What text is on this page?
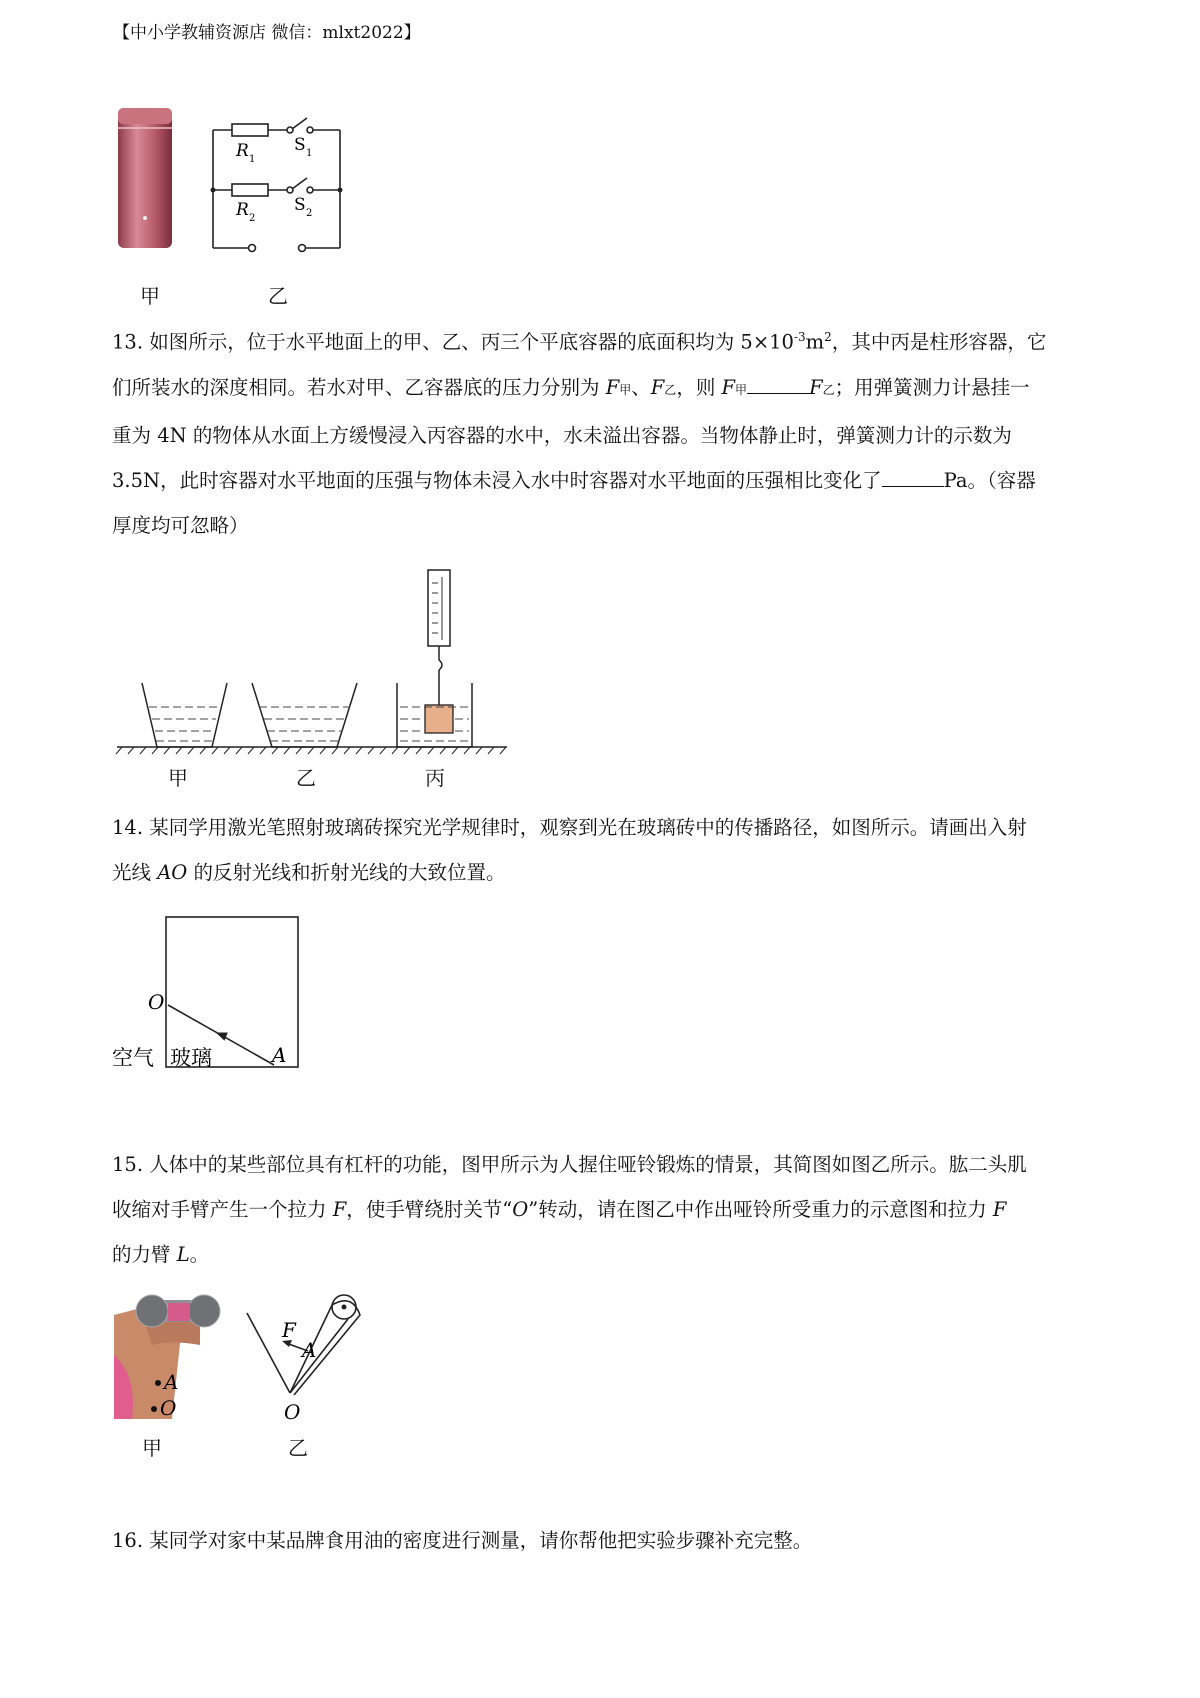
【中小学教辅资源店 微信：mlxt2022】
R 1
S 1
R 2
S 2
甲	乙

13. 如图所示，位于水平地面上的甲、乙、丙三个平底容器的底面积均为 $5\times 10^{-3}m^2$，其中丙是柱形容器，它

们所装水的深度相同。若水对甲、乙容器底的压力分别为 F甲、F乙，则 F甲	F乙；用弹簧测力计悬挂一

重为 4N 的物体从水面上方缓慢浸入丙容器的水中，水未溢出容器。当物体静止时，弹簧测力计的示数为

3.5N，此时容器对水平地面的压强与物体未浸入水中时容器对水平地面的压强相比变化了	Pa。（容器

厚度均可忽略）

甲	乙	丙

14. 某同学用激光笔照射玻璃砖探究光学规律时，观察到光在玻璃砖中的传播路径，如图所示。请画出入射

光线 AO 的反射光线和折射光线的大致位置。

O
A
空气 玻璃

15. 人体中的某些部位具有杠杆的功能，图甲所示为人握住哑铃锻炼的情景，其简图如图乙所示。肱二头肌

收缩对手臂产生一个拉力 F，使手臂绕肘关节“O”转动，请在图乙中作出哑铃所受重力的示意图和拉力 F

的力臂 L。

A
O
F
A
O
甲	乙

16. 某同学对家中某品牌食用油的密度进行测量，请你帮他把实验步骤补充完整。
